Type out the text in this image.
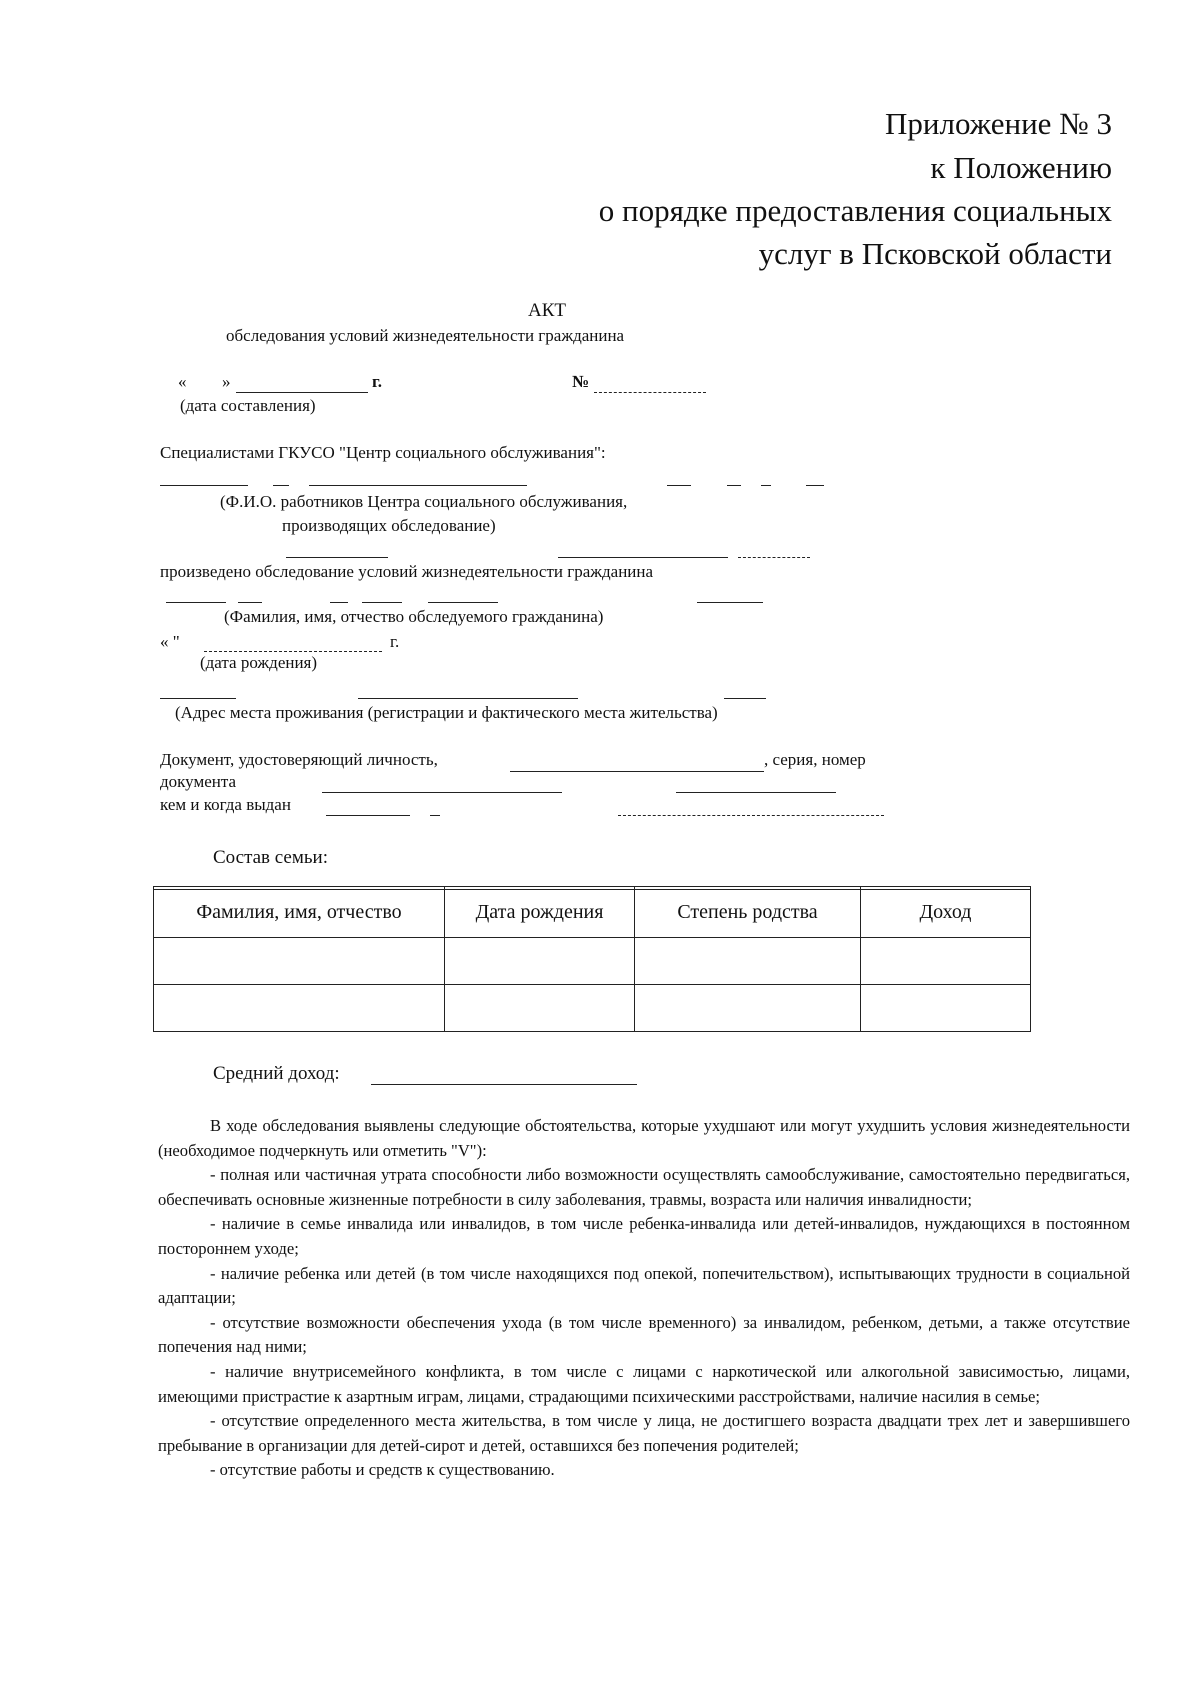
Приложение № 3
к Положению
о порядке предоставления социальных
услуг в Псковской области
АКТ
обследования условий жизнедеятельности гражданина
« »	г.	№
(дата составления)
Специалистами ГКУСО "Центр социального обслуживания":
(Ф.И.О. работников Центра социального обслуживания,
производящих обследование)
произведено обследование условий жизнедеятельности гражданина
(Фамилия, имя, отчество обследуемого гражданина)
« "	г.
(дата рождения)
(Адрес места проживания (регистрации и фактического места жительства)
Документ, удостоверяющий личность,	, серия, номер
документа
кем и когда выдан
Состав семьи:
Фамилия, имя, отчество	Дата рождения	Степень родства	Доход

Средний доход:

В ходе обследования выявлены следующие обстоятельства, которые ухудшают или могут ухудшить условия жизнедеятельности (необходимое подчеркнуть или отметить "V"):

- полная или частичная утрата способности либо возможности осуществлять самообслуживание, самостоятельно передвигаться, обеспечивать основные жизненные потребности в силу заболевания, травмы, возраста или наличия инвалидности;

- наличие в семье инвалида или инвалидов, в том числе ребенка-инвалида или детей-инвалидов, нуждающихся в постоянном постороннем уходе;

- наличие ребенка или детей (в том числе находящихся под опекой, попечительством), испытывающих трудности в социальной адаптации;

- отсутствие возможности обеспечения ухода (в том числе временного) за инвалидом, ребенком, детьми, а также отсутствие попечения над ними;

- наличие внутрисемейного конфликта, в том числе с лицами с наркотической или алкогольной зависимостью, лицами, имеющими пристрастие к азартным играм, лицами, страдающими психическими расстройствами, наличие насилия в семье;

- отсутствие определенного места жительства, в том числе у лица, не достигшего возраста двадцати трех лет и завершившего пребывание в организации для детей-сирот и детей, оставшихся без попечения родителей;

- отсутствие работы и средств к существованию.
